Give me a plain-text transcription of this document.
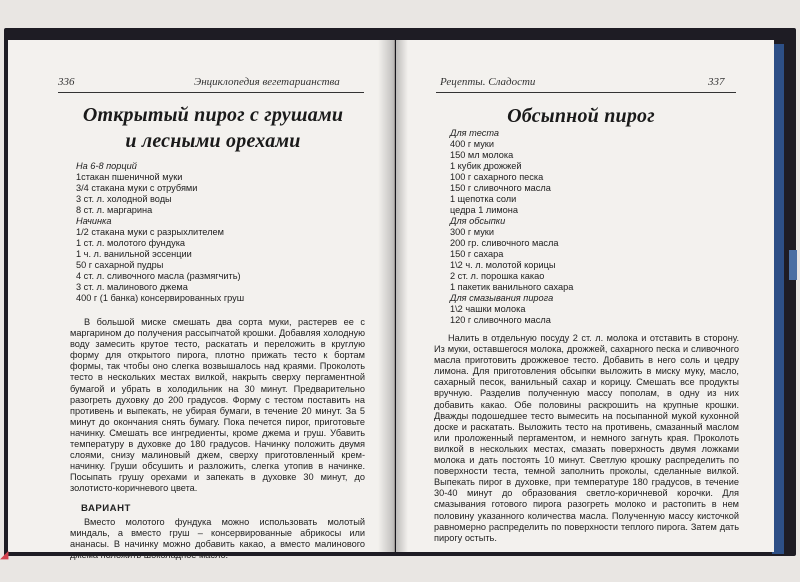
336	Энциклопедия вегетарианства
Открытый пирог с грушами
и лесными орехами
На 6-8 порций
1стакан пшеничной муки
3/4 стакана муки с отрубями
3 ст. л. холодной воды
8 ст. л. маргарина
Начинка
1/2 стакана муки с разрыхлителем
1 ст. л. молотого фундука
1 ч. л. ванильной эссенции
50 г сахарной пудры
4 ст. л. сливочного масла (размягчить)
3 ст. л. малинового джема
400 г (1 банка) консервированных груш

В большой миске смешать два сорта муки, растерев ее с маргарином до получения рассыпчатой крошки. Добавляя холодную воду замесить крутое тесто, раскатать и переложить в круглую форму для открытого пирога, плотно прижать тесто к бортам формы, так чтобы оно слегка возвышалось над краями. Проколоть тесто в нескольких местах вилкой, накрыть сверху пергаментной бумагой и убрать в холодильник на 30 минут. Предварительно разогреть духовку до 200 градусов. Форму с тестом поставить на противень и выпекать, не убирая бумаги, в течение 20 минут. За 5 минут до окончания снять бумагу. Пока печется пирог, приготовьте начинку. Смешать все ингредиенты, кроме джема и груш. Убавить температуру в духовке до 180 градусов. Начинку положить двумя слоями, снизу малиновый джем, сверху приготовленный крем-начинку. Груши обсушить и разложить, слегка утопив в начинке. Посыпать грушу орехами и запекать в духовке 30 минут, до золотисто-коричневого цвета.

ВАРИАНТ

Вместо молотого фундука можно использовать молотый миндаль, а вместо груш – консервированные абрикосы или ананасы. В начинку можно добавить какао, а вместо малинового джема положить шоколадное масло.

Рецепты. Сладости	337
Обсыпной пирог
Для теста
400 г муки
150 мл молока
1 кубик дрожжей
100 г сахарного песка
150 г сливочного масла
1 щепотка соли
цедра 1 лимона
Для обсыпки
300 г муки
200 гр. сливочного масла
150 г сахара
1\2 ч. л. молотой корицы
2 ст. л. порошка какао
1 пакетик ванильного сахара
Для смазывания пирога
1\2 чашки молока
120 г сливочного масла

Налить в отдельную посуду 2 ст. л. молока и отставить в сторону. Из муки, оставшегося молока, дрожжей, сахарного песка и сливочного масла приготовить дрожжевое тесто. Добавить в него соль и цедру лимона. Для приготовления обсыпки выложить в миску муку, масло, сахарный песок, ванильный сахар и корицу. Смешать все продукты вручную. Разделив полученную массу пополам, в одну из них добавить какао. Обе половины раскрошить на крупные крошки. Дважды подошедшее тесто вымесить на посыпанной мукой кухонной доске и раскатать. Выложить тесто на противень, смазанный маслом или проложенный пергаментом, и немного загнуть края. Проколоть вилкой в нескольких местах, смазать поверхность двумя ложками молока и дать постоять 10 минут. Светлую крошку распределить по поверхности теста, темной заполнить проколы, сделанные вилкой. Выпекать пирог в духовке, при температуре 180 градусов, в течение 30-40 минут до образования светло-коричневой корочки. Для смазывания готового пирога разогреть молоко и растопить в нем половину указанного количества масла. Полученную массу кисточкой равномерно распределить по поверхности теплого пирога. Затем дать пирогу остыть.

◢
